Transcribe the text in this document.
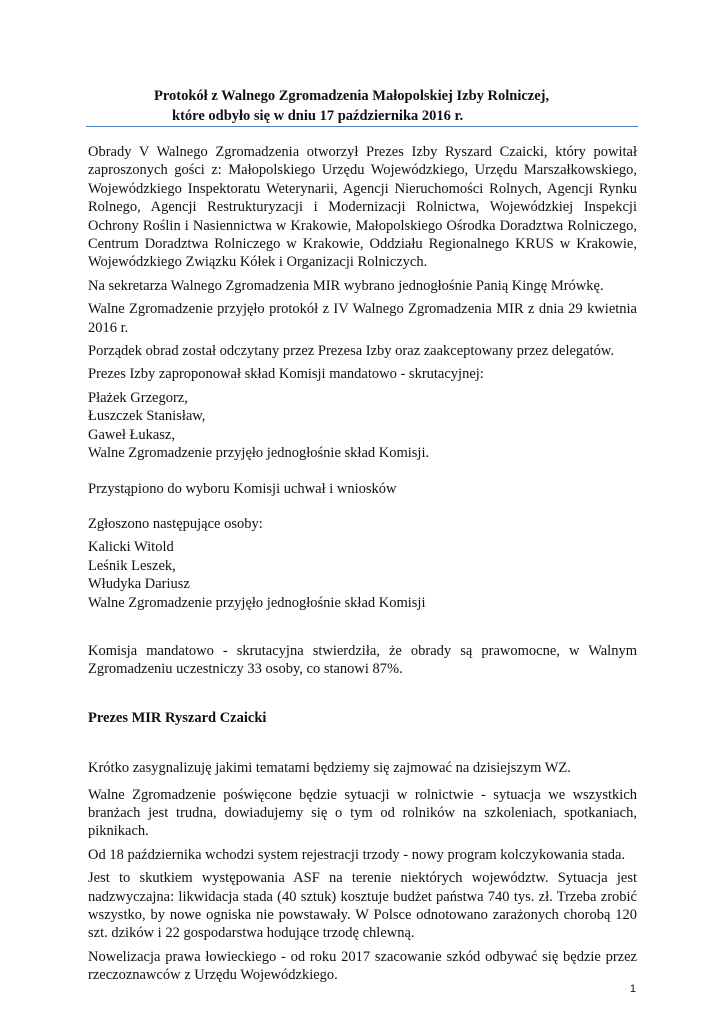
Protokół z Walnego Zgromadzenia Małopolskiej Izby Rolniczej,
które odbyło się w dniu 17 października 2016 r.

Obrady V Walnego Zgromadzenia otworzył Prezes Izby Ryszard Czaicki, który powitał zaproszonych gości z: Małopolskiego Urzędu Wojewódzkiego, Urzędu Marszałkowskiego, Wojewódzkiego Inspektoratu Weterynarii, Agencji Nieruchomości Rolnych, Agencji Rynku Rolnego, Agencji Restrukturyzacji i Modernizacji Rolnictwa, Wojewódzkiej Inspekcji Ochrony Roślin i Nasiennictwa w Krakowie, Małopolskiego Ośrodka Doradztwa Rolniczego, Centrum Doradztwa Rolniczego w Krakowie, Oddziału Regionalnego KRUS w Krakowie, Wojewódzkiego Związku Kółek i Organizacji Rolniczych.

Na sekretarza Walnego Zgromadzenia MIR wybrano jednogłośnie Panią Kingę Mrówkę.

Walne Zgromadzenie przyjęło protokół z IV Walnego Zgromadzenia MIR z dnia 29 kwietnia 2016 r.

Porządek obrad został odczytany przez Prezesa Izby oraz zaakceptowany przez delegatów.

Prezes Izby zaproponował skład Komisji mandatowo - skrutacyjnej:

Płażek Grzegorz,

Łuszczek Stanisław,

Gaweł Łukasz,

Walne Zgromadzenie przyjęło jednogłośnie skład Komisji.

Przystąpiono do wyboru Komisji uchwał i wniosków

Zgłoszono następujące osoby:

Kalicki Witold

Leśnik Leszek,

Włudyka Dariusz

Walne Zgromadzenie przyjęło jednogłośnie skład Komisji

Komisja mandatowo - skrutacyjna stwierdziła, że obrady są prawomocne, w Walnym Zgromadzeniu uczestniczy 33 osoby, co stanowi 87%.

Prezes MIR Ryszard Czaicki

Krótko zasygnalizuję jakimi tematami będziemy się zajmować na dzisiejszym WZ.

Walne Zgromadzenie poświęcone będzie sytuacji w rolnictwie - sytuacja we wszystkich branżach jest trudna, dowiadujemy się o tym od rolników na szkoleniach, spotkaniach, piknikach.

Od 18 października wchodzi system rejestracji trzody - nowy program kolczykowania stada.

Jest to skutkiem występowania ASF na terenie niektórych województw. Sytuacja jest nadzwyczajna: likwidacja stada (40 sztuk) kosztuje budżet państwa 740 tys. zł. Trzeba zrobić wszystko, by nowe ogniska nie powstawały. W Polsce odnotowano zarażonych chorobą 120 szt. dzików i 22 gospodarstwa hodujące trzodę chlewną.

Nowelizacja prawa łowieckiego - od roku 2017 szacowanie szkód odbywać się będzie przez rzeczoznawców z Urzędu Wojewódzkiego.

1
